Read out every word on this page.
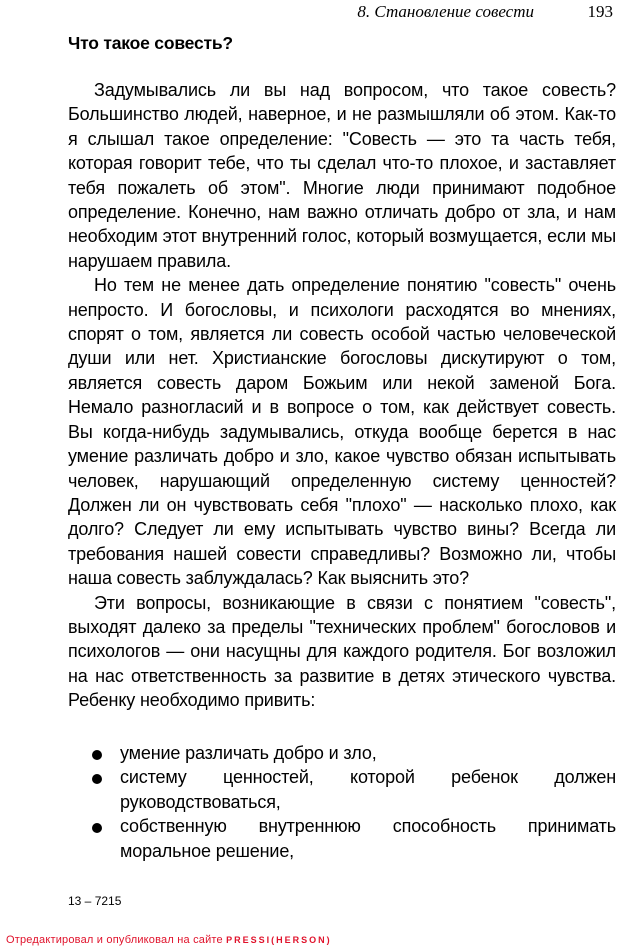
8. Становление совести	193
Что такое совесть?

Задумывались ли вы над вопросом, что такое совесть? Большинство людей, наверное, и не размышляли об этом. Как-то я слышал такое определение: "Совесть — это та часть тебя, которая говорит тебе, что ты сделал что-то плохое, и заставляет тебя пожалеть об этом". Многие люди принимают подобное определение. Конечно, нам важно отличать добро от зла, и нам необходим этот внутренний голос, который возмущается, если мы нарушаем правила.

Но тем не менее дать определение понятию "совесть" очень непросто. И богословы, и психологи расходятся во мнениях, спорят о том, является ли совесть особой частью человеческой души или нет. Христианские богословы дискутируют о том, является совесть даром Божьим или некой заменой Бога. Немало разногласий и в вопросе о том, как действует совесть. Вы когда-нибудь задумывались, откуда вообще берется в нас умение различать добро и зло, какое чувство обязан испытывать человек, нарушающий определенную систему ценностей? Должен ли он чувствовать себя "плохо" — насколько плохо, как долго? Следует ли ему испытывать чувство вины? Всегда ли требования нашей совести справедливы? Возможно ли, чтобы наша совесть заблуждалась? Как выяснить это?

Эти вопросы, возникающие в связи с понятием "совесть", выходят далеко за пределы "технических проблем" богословов и психологов — они насущны для каждого родителя. Бог возложил на нас ответственность за развитие в детях этического чувства. Ребенку необходимо привить:

умение различать добро и зло,
систему ценностей, которой ребенок должен руководствоваться,
собственную внутреннюю способность принимать моральное решение,
13 – 7215
Отредактировал и опубликовал на сайте PRESSI(HERSON)
